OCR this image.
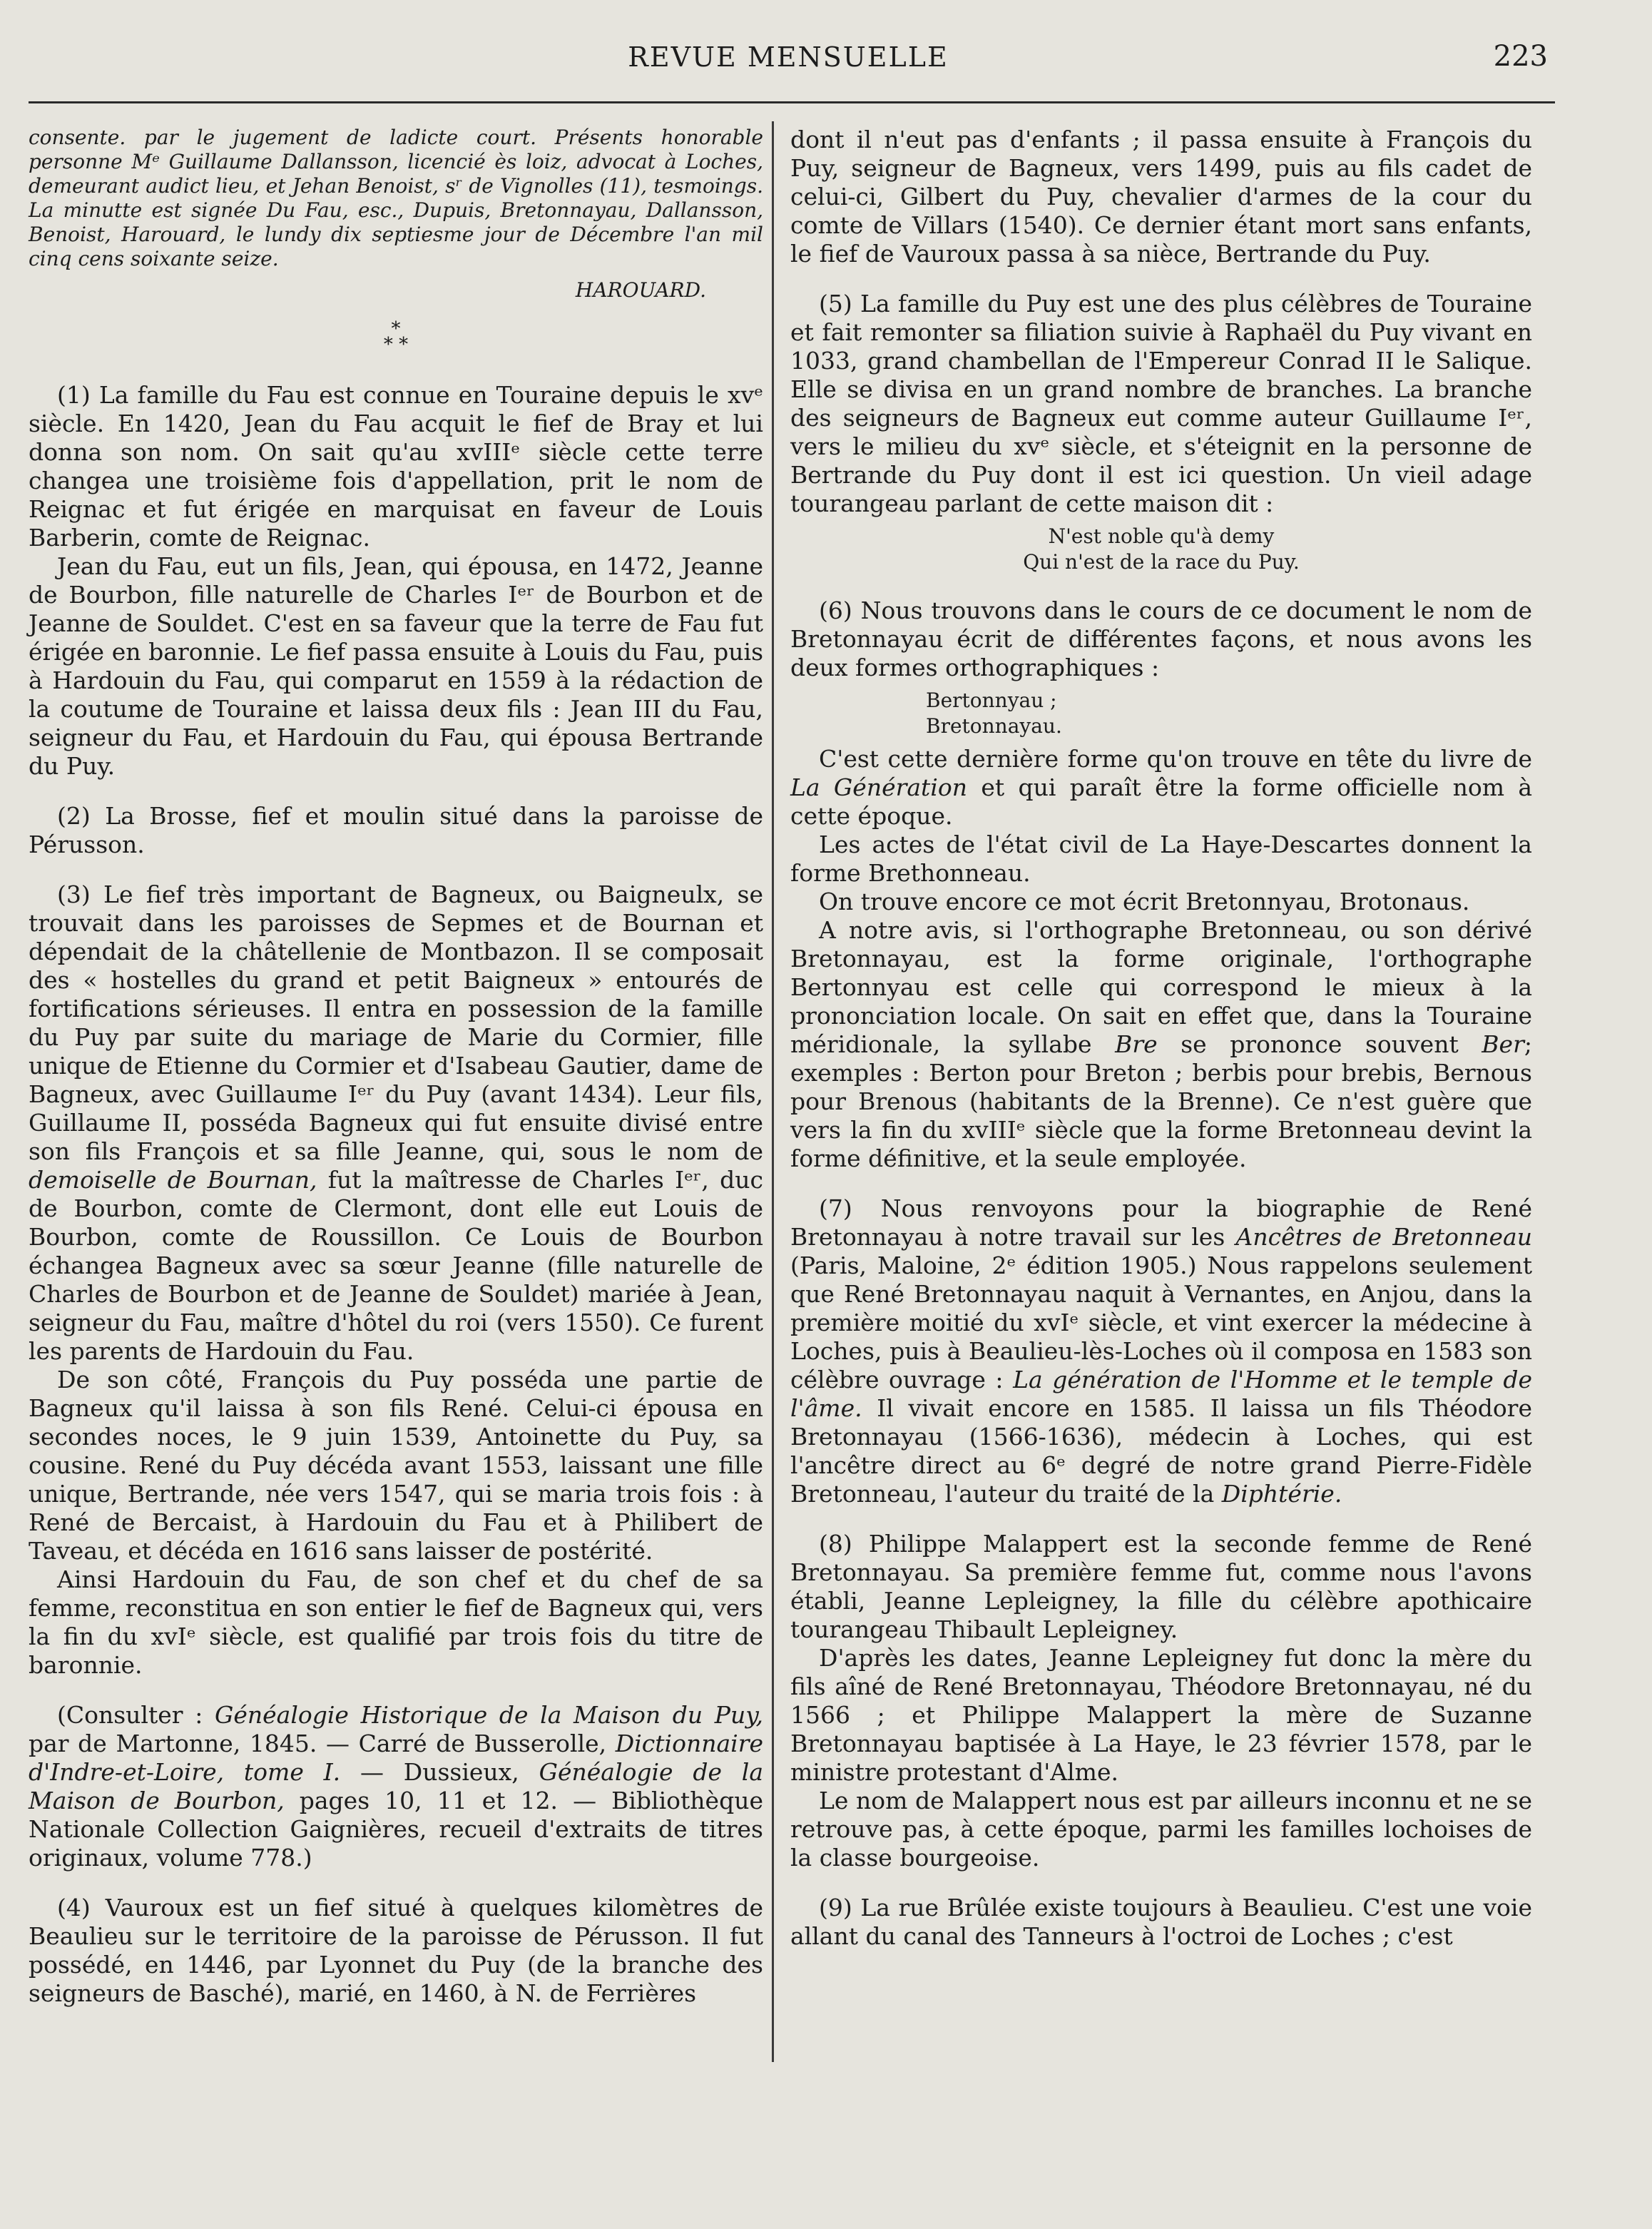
REVUE MENSUELLE	223

consente. par le jugement de ladicte court. Présents honorable personne Mᵉ Guillaume Dallansson, licencié ès loiz, advocat à Loches, demeurant audict lieu, et Jehan Benoist, sʳ de Vignolles (11), tesmoings. La minutte est signée Du Fau, esc., Dupuis, Bretonnayau, Dallansson, Benoist, Harouard, le lundy dix septiesme jour de Décembre l'an mil cinq cens soixante seize.

HAROUARD.

*
* *

(1) La famille du Fau est connue en Touraine depuis le xvᵉ siècle. En 1420, Jean du Fau acquit le fief de Bray et lui donna son nom. On sait qu'au xvIIIᵉ siècle cette terre changea une troisième fois d'appellation, prit le nom de Reignac et fut érigée en marquisat en faveur de Louis Barberin, comte de Reignac.

Jean du Fau, eut un fils, Jean, qui épousa, en 1472, Jeanne de Bourbon, fille naturelle de Charles Iᵉʳ de Bourbon et de Jeanne de Souldet. C'est en sa faveur que la terre de Fau fut érigée en baronnie. Le fief passa ensuite à Louis du Fau, puis à Hardouin du Fau, qui comparut en 1559 à la rédaction de la coutume de Touraine et laissa deux fils : Jean III du Fau, seigneur du Fau, et Hardouin du Fau, qui épousa Bertrande du Puy.

(2) La Brosse, fief et moulin situé dans la paroisse de Pérusson.

(3) Le fief très important de Bagneux, ou Baigneulx, se trouvait dans les paroisses de Sepmes et de Bournan et dépendait de la châtellenie de Montbazon. Il se composait des « hostelles du grand et petit Baigneux » entourés de fortifications sérieuses. Il entra en possession de la famille du Puy par suite du mariage de Marie du Cormier, fille unique de Etienne du Cormier et d'Isabeau Gautier, dame de Bagneux, avec Guillaume Iᵉʳ du Puy (avant 1434). Leur fils, Guillaume II, posséda Bagneux qui fut ensuite divisé entre son fils François et sa fille Jeanne, qui, sous le nom de demoiselle de Bournan, fut la maîtresse de Charles Iᵉʳ, duc de Bourbon, comte de Clermont, dont elle eut Louis de Bourbon, comte de Roussillon. Ce Louis de Bourbon échangea Bagneux avec sa sœur Jeanne (fille naturelle de Charles de Bourbon et de Jeanne de Souldet) mariée à Jean, seigneur du Fau, maître d'hôtel du roi (vers 1550). Ce furent les parents de Hardouin du Fau.

De son côté, François du Puy posséda une partie de Bagneux qu'il laissa à son fils René. Celui-ci épousa en secondes noces, le 9 juin 1539, Antoinette du Puy, sa cousine. René du Puy décéda avant 1553, laissant une fille unique, Bertrande, née vers 1547, qui se maria trois fois : à René de Bercaist, à Hardouin du Fau et à Philibert de Taveau, et décéda en 1616 sans laisser de postérité.

Ainsi Hardouin du Fau, de son chef et du chef de sa femme, reconstitua en son entier le fief de Bagneux qui, vers la fin du xvIᵉ siècle, est qualifié par trois fois du titre de baronnie.

(Consulter : Généalogie Historique de la Maison du Puy, par de Martonne, 1845. — Carré de Busserolle, Dictionnaire d'Indre-et-Loire, tome I. — Dussieux, Généalogie de la Maison de Bourbon, pages 10, 11 et 12. — Bibliothèque Nationale Collection Gaignières, recueil d'extraits de titres originaux, volume 778.)

(4) Vauroux est un fief situé à quelques kilomètres de Beaulieu sur le territoire de la paroisse de Pérusson. Il fut possédé, en 1446, par Lyonnet du Puy (de la branche des seigneurs de Basché), marié, en 1460, à N. de Ferrières

dont il n'eut pas d'enfants ; il passa ensuite à François du Puy, seigneur de Bagneux, vers 1499, puis au fils cadet de celui-ci, Gilbert du Puy, chevalier d'armes de la cour du comte de Villars (1540). Ce dernier étant mort sans enfants, le fief de Vauroux passa à sa nièce, Bertrande du Puy.

(5) La famille du Puy est une des plus célèbres de Touraine et fait remonter sa filiation suivie à Raphaël du Puy vivant en 1033, grand chambellan de l'Empereur Conrad II le Salique. Elle se divisa en un grand nombre de branches. La branche des seigneurs de Bagneux eut comme auteur Guillaume Iᵉʳ, vers le milieu du xvᵉ siècle, et s'éteignit en la personne de Bertrande du Puy dont il est ici question. Un vieil adage tourangeau parlant de cette maison dit :

N'est noble qu'à demy
Qui n'est de la race du Puy.

(6) Nous trouvons dans le cours de ce document le nom de Bretonnayau écrit de différentes façons, et nous avons les deux formes orthographiques :

Bertonnyau ;
Bretonnayau.

C'est cette dernière forme qu'on trouve en tête du livre de La Génération et qui paraît être la forme officielle nom à cette époque.

Les actes de l'état civil de La Haye-Descartes donnent la forme Brethonneau.

On trouve encore ce mot écrit Bretonnyau, Brotonaus.

A notre avis, si l'orthographe Bretonneau, ou son dérivé Bretonnayau, est la forme originale, l'orthographe Bertonnyau est celle qui correspond le mieux à la prononciation locale. On sait en effet que, dans la Touraine méridionale, la syllabe Bre se prononce souvent Ber; exemples : Berton pour Breton ; berbis pour brebis, Bernous pour Brenous (habitants de la Brenne). Ce n'est guère que vers la fin du xvIIIᵉ siècle que la forme Bretonneau devint la forme définitive, et la seule employée.

(7) Nous renvoyons pour la biographie de René Bretonnayau à notre travail sur les Ancêtres de Bretonneau (Paris, Maloine, 2ᵉ édition 1905.) Nous rappelons seulement que René Bretonnayau naquit à Vernantes, en Anjou, dans la première moitié du xvIᵉ siècle, et vint exercer la médecine à Loches, puis à Beaulieu-lès-Loches où il composa en 1583 son célèbre ouvrage : La génération de l'Homme et le temple de l'âme. Il vivait encore en 1585. Il laissa un fils Théodore Bretonnayau (1566-1636), médecin à Loches, qui est l'ancêtre direct au 6ᵉ degré de notre grand Pierre-Fidèle Bretonneau, l'auteur du traité de la Diphtérie.

(8) Philippe Malappert est la seconde femme de René Bretonnayau. Sa première femme fut, comme nous l'avons établi, Jeanne Lepleigney, la fille du célèbre apothicaire tourangeau Thibault Lepleigney.

D'après les dates, Jeanne Lepleigney fut donc la mère du fils aîné de René Bretonnayau, Théodore Bretonnayau, né du 1566 ; et Philippe Malappert la mère de Suzanne Bretonnayau baptisée à La Haye, le 23 février 1578, par le ministre protestant d'Alme.

Le nom de Malappert nous est par ailleurs inconnu et ne se retrouve pas, à cette époque, parmi les familles lochoises de la classe bourgeoise.

(9) La rue Brûlée existe toujours à Beaulieu. C'est une voie allant du canal des Tanneurs à l'octroi de Loches ; c'est
